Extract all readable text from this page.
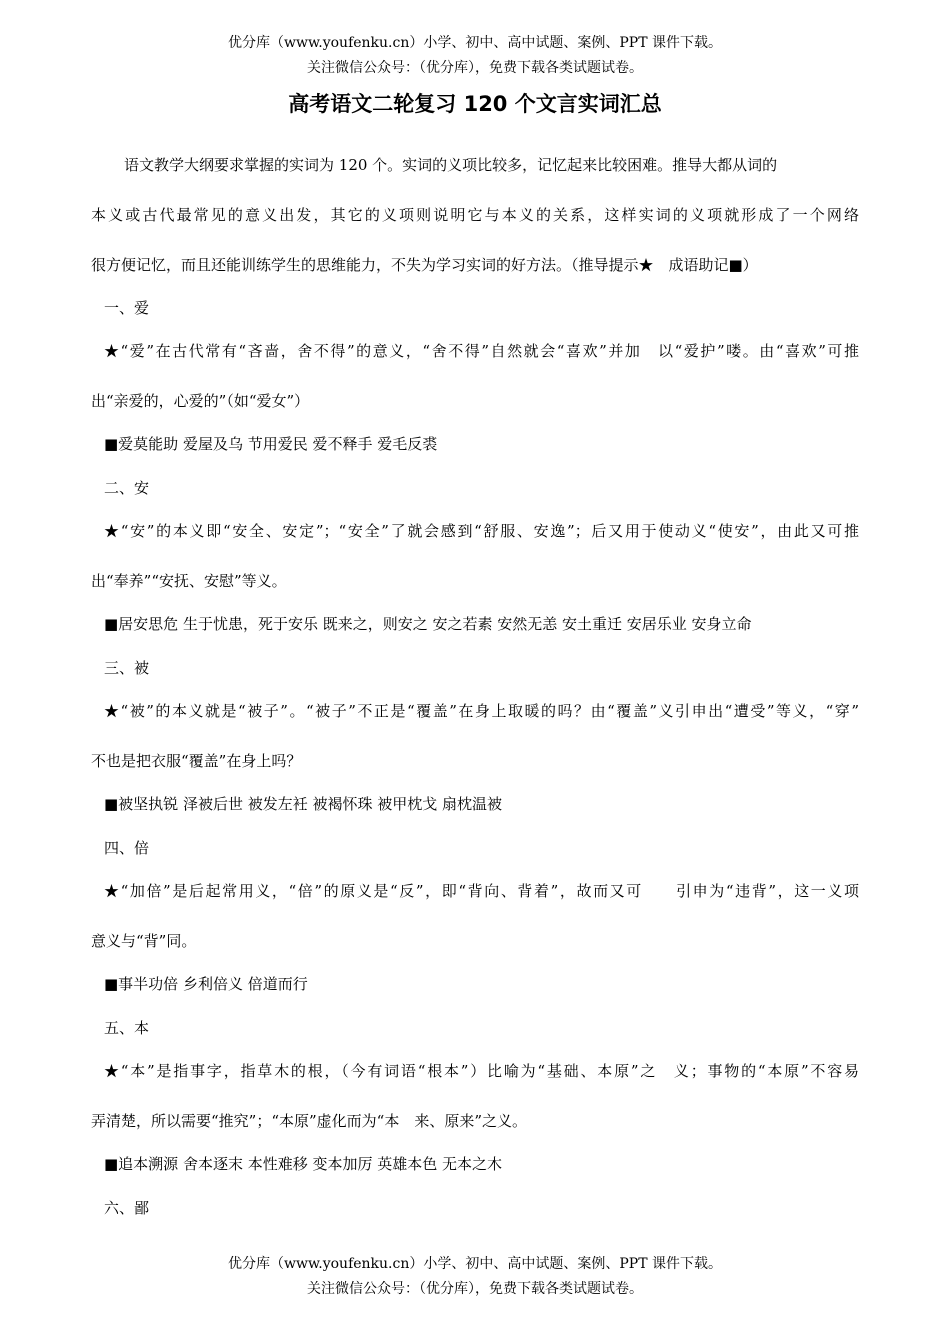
优分库（www.youfenku.cn）小学、初中、高中试题、案例、PPT 课件下载。
关注微信公众号：（优分库），免费下载各类试题试卷。
高考语文二轮复习 120 个文言实词汇总
语文教学大纲要求掌握的实词为 120 个。实词的义项比较多，记忆起来比较困难。推导大都从词的
本义或古代最常见的意义出发，其它的义项则说明它与本义的关系，这样实词的义项就形成了一个网络
很方便记忆，而且还能训练学生的思维能力，不失为学习实词的好方法。（推导提示★　成语助记■）
一、爱
★“爱”在古代常有“吝啬，舍不得”的意义，“舍不得”自然就会“喜欢”并加　以“爱护”喽。由“喜欢”可推
出“亲爱的，心爱的”（如“爱女”）
■爱莫能助 爱屋及乌 节用爱民 爱不释手 爱毛反裘
二、安
★“安”的本义即“安全、安定”；“安全”了就会感到“舒服、安逸”；后又用于使动义“使安”，由此又可推
出“奉养”“安抚、安慰”等义。
■居安思危 生于忧患，死于安乐 既来之，则安之 安之若素 安然无恙 安土重迁 安居乐业 安身立命
三、被
★“被”的本义就是“被子”。“被子”不正是“覆盖”在身上取暖的吗？由“覆盖”义引申出“遭受”等义，“穿”
不也是把衣服“覆盖”在身上吗？
■被坚执锐 泽被后世 被发左衽 被褐怀珠 被甲枕戈 扇枕温被
四、倍
★“加倍”是后起常用义，“倍”的原义是“反”，即“背向、背着”，故而又可　　引申为“违背”，这一义项
意义与“背”同。
■事半功倍 乡利倍义 倍道而行
五、本
★“本”是指事字，指草木的根，（今有词语“根本”）比喻为“基础、本原”之　义；事物的“本原”不容易
弄清楚，所以需要“推究”；“本原”虚化而为“本　来、原来”之义。
■追本溯源 舍本逐末 本性难移 变本加厉 英雄本色 无本之木
六、鄙
优分库（www.youfenku.cn）小学、初中、高中试题、案例、PPT 课件下载。
关注微信公众号：（优分库），免费下载各类试题试卷。
